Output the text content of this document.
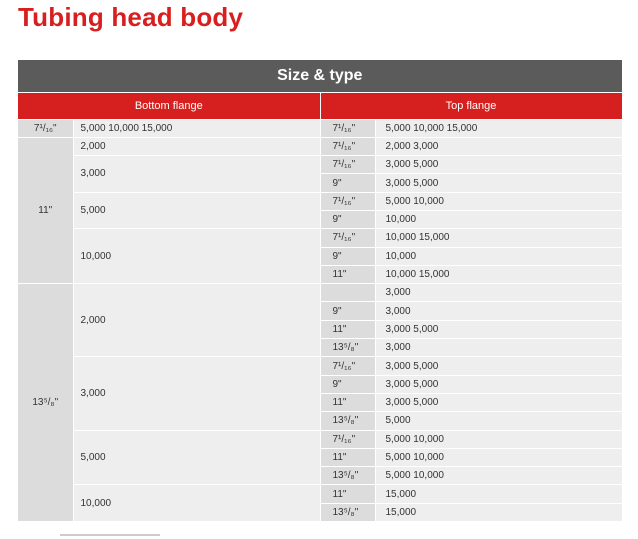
Tubing head body
Size & type			
Bottom flange		Top flange	
7¹/₁₆"	5,000 10,000 15,000	7¹/₁₆"	5,000 10,000 15,000
11"	2,000	7¹/₁₆"	2,000 3,000
	3,000	7¹/₁₆"	3,000 5,000
		9"	3,000 5,000
	5,000	7¹/₁₆"	5,000 10,000
		9"	10,000
	10,000	7¹/₁₆"	10,000 15,000
		9"	10,000
		11"	10,000 15,000
13⁵/₈"	2,000		3,000
		9"	3,000
		11"	3,000 5,000
		13⁵/₈"	3,000
	3,000	7¹/₁₆"	3,000 5,000
		9"	3,000 5,000
		11"	3,000 5,000
		13⁵/₈"	5,000
	5,000	7¹/₁₆"	5,000 10,000
		11"	5,000 10,000
		13⁵/₈"	5,000 10,000
	10,000	11"	15,000
		13⁵/₈"	15,000
